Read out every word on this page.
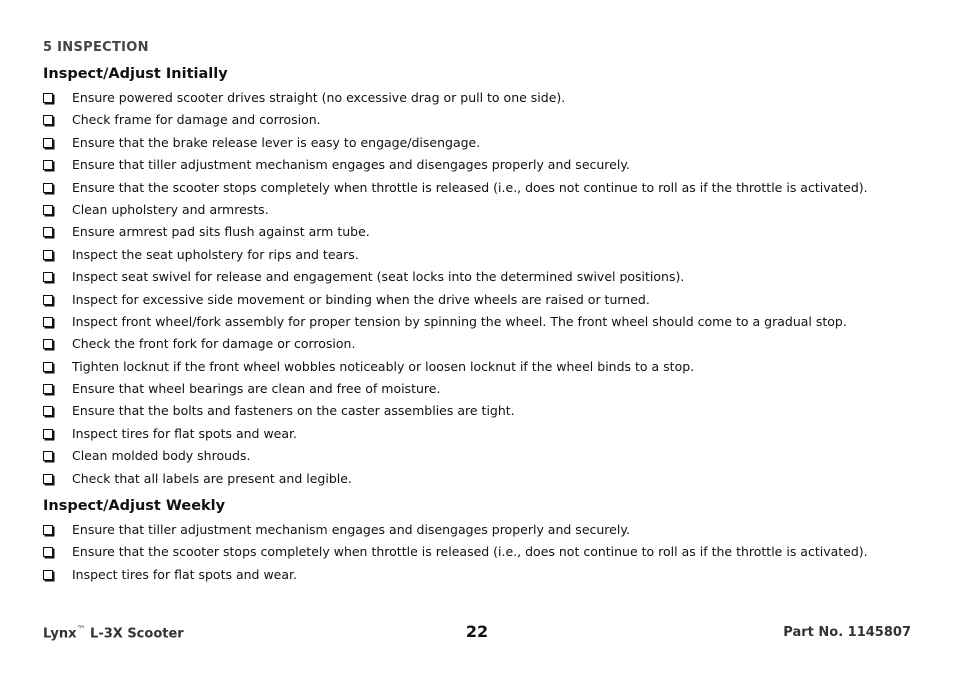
5 INSPECTION
Inspect/Adjust Initially
Ensure powered scooter drives straight (no excessive drag or pull to one side).
Check frame for damage and corrosion.
Ensure that the brake release lever is easy to engage/disengage.
Ensure that tiller adjustment mechanism engages and disengages properly and securely.
Ensure that the scooter stops completely when throttle is released (i.e., does not continue to roll as if the throttle is activated).
Clean upholstery and armrests.
Ensure armrest pad sits flush against arm tube.
Inspect the seat upholstery for rips and tears.
Inspect seat swivel for release and engagement (seat locks into the determined swivel positions).
Inspect for excessive side movement or binding when the drive wheels are raised or turned.
Inspect front wheel/fork assembly for proper tension by spinning the wheel. The front wheel should come to a gradual stop.
Check the front fork for damage or corrosion.
Tighten locknut if the front wheel wobbles noticeably or loosen locknut if the wheel binds to a stop.
Ensure that wheel bearings are clean and free of moisture.
Ensure that the bolts and fasteners on the caster assemblies are tight.
Inspect tires for flat spots and wear.
Clean molded body shrouds.
Check that all labels are present and legible.
Inspect/Adjust Weekly
Ensure that tiller adjustment mechanism engages and disengages properly and securely.
Ensure that the scooter stops completely when throttle is released (i.e., does not continue to roll as if the throttle is activated).
Inspect tires for flat spots and wear.
Lynx™ L-3X Scooter	22	Part No. 1145807
